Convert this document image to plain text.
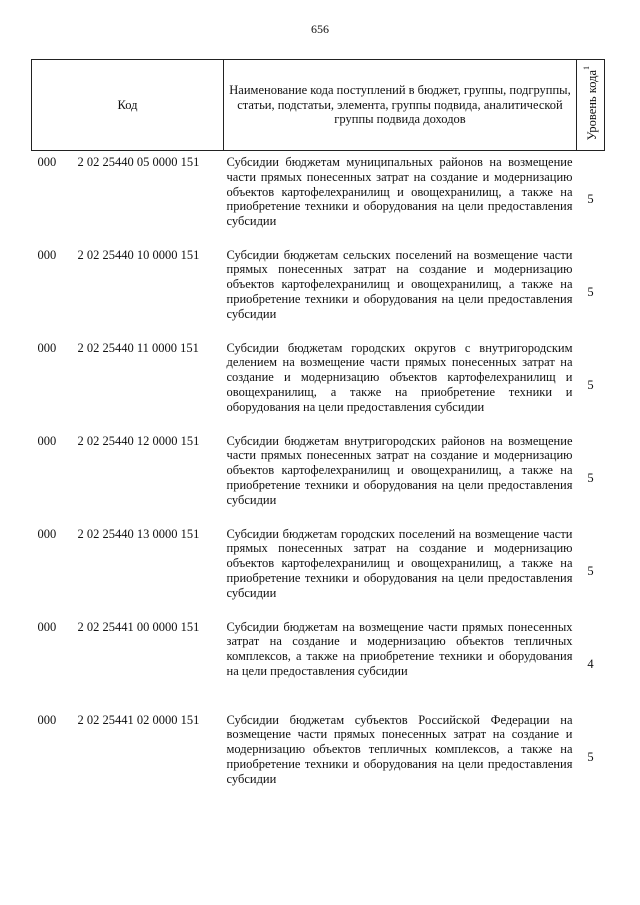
656
Код	Наименование кода поступлений в бюджет, группы, подгруппы, статьи, подстатьи, элемента, группы подвида, аналитической группы подвида доходов	Уровень кода$^1$
000 2 02 25440 05 0000 151	Субсидии бюджетам муниципальных районов на возмещение части прямых понесенных затрат на создание и модернизацию объектов картофелехранилищ и овощехранилищ, а также на приобретение техники и оборудования на цели предоставления субсидии	5
000 2 02 25440 10 0000 151	Субсидии бюджетам сельских поселений на возмещение части прямых понесенных затрат на создание и модернизацию объектов картофелехранилищ и овощехранилищ, а также на приобретение техники и оборудования на цели предоставления субсидии	5
000 2 02 25440 11 0000 151	Субсидии бюджетам городских округов с внутригородским делением на возмещение части прямых понесенных затрат на создание и модернизацию объектов картофелехранилищ и овощехранилищ, а также на приобретение техники и оборудования на цели предоставления субсидии	5
000 2 02 25440 12 0000 151	Субсидии бюджетам внутригородских районов на возмещение части прямых понесенных затрат на создание и модернизацию объектов картофелехранилищ и овощехранилищ, а также на приобретение техники и оборудования на цели предоставления субсидии	5
000 2 02 25440 13 0000 151	Субсидии бюджетам городских поселений на возмещение части прямых понесенных затрат на создание и модернизацию объектов картофелехранилищ и овощехранилищ, а также на приобретение техники и оборудования на цели предоставления субсидии	5
000 2 02 25441 00 0000 151	Субсидии бюджетам на возмещение части прямых понесенных затрат на создание и модернизацию объектов тепличных комплексов, а также на приобретение техники и оборудования на цели предоставления субсидии	4
000 2 02 25441 02 0000 151	Субсидии бюджетам субъектов Российской Федерации на возмещение части прямых понесенных затрат на создание и модернизацию объектов тепличных комплексов, а также на приобретение техники и оборудования на цели предоставления субсидии	5
